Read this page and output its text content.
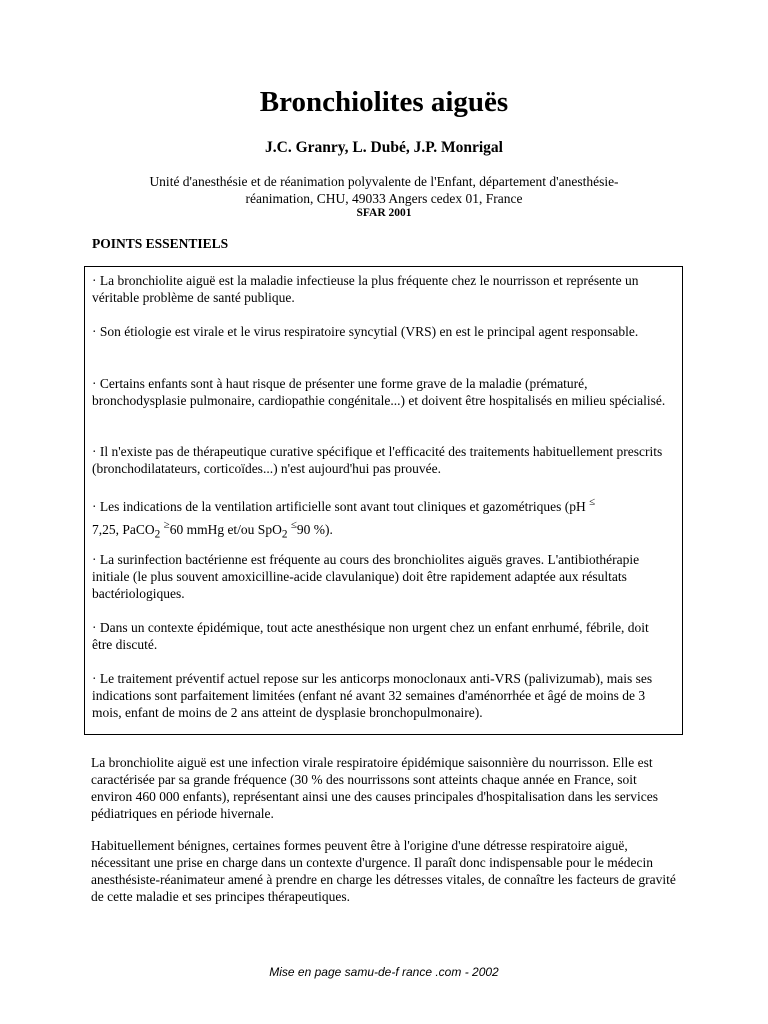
Bronchiolites aiguës
J.C. Granry, L. Dubé, J.P. Monrigal
Unité d'anesthésie et de réanimation polyvalente de l'Enfant, département d'anesthésie-
réanimation, CHU, 49033 Angers cedex 01, France
SFAR 2001
POINTS ESSENTIELS

· La bronchiolite aiguë est la maladie infectieuse la plus fréquente chez le nourrisson et représente un véritable problème de santé publique.

· Son étiologie est virale et le virus respiratoire syncytial (VRS) en est le principal agent responsable.

· Certains enfants sont à haut risque de présenter une forme grave de la maladie (prématuré, bronchodysplasie pulmonaire, cardiopathie congénitale...) et doivent être hospitalisés en milieu spécialisé.

· Il n'existe pas de thérapeutique curative spécifique et l'efficacité des traitements habituellement prescrits (bronchodilatateurs, corticoïdes...) n'est aujourd'hui pas prouvée.

· Les indications de la ventilation artificielle sont avant tout cliniques et gazométriques (pH ≤
7,25, PaCO$_2$ ≥60 mmHg et/ou SpO$_2$ ≤90 %).

· La surinfection bactérienne est fréquente au cours des bronchiolites aiguës graves. L'antibiothérapie initiale (le plus souvent amoxicilline-acide clavulanique) doit être rapidement adaptée aux résultats bactériologiques.

· Dans un contexte épidémique, tout acte anesthésique non urgent chez un enfant enrhumé, fébrile, doit être discuté.

· Le traitement préventif actuel repose sur les anticorps monoclonaux anti-VRS (palivizumab), mais ses indications sont parfaitement limitées (enfant né avant 32 semaines d'aménorrhée et âgé de moins de 3 mois, enfant de moins de 2 ans atteint de dysplasie bronchopulmonaire).

La bronchiolite aiguë est une infection virale respiratoire épidémique saisonnière du nourrisson. Elle est caractérisée par sa grande fréquence (30 % des nourrissons sont atteints chaque année en France, soit environ 460 000 enfants), représentant ainsi une des causes principales d'hospitalisation dans les services pédiatriques en période hivernale.

Habituellement bénignes, certaines formes peuvent être à l'origine d'une détresse respiratoire aiguë, nécessitant une prise en charge dans un contexte d'urgence. Il paraît donc indispensable pour le médecin anesthésiste-réanimateur amené à prendre en charge les détresses vitales, de connaître les facteurs de gravité de cette maladie et ses principes thérapeutiques.

Mise en page samu-de-f rance .com - 2002
